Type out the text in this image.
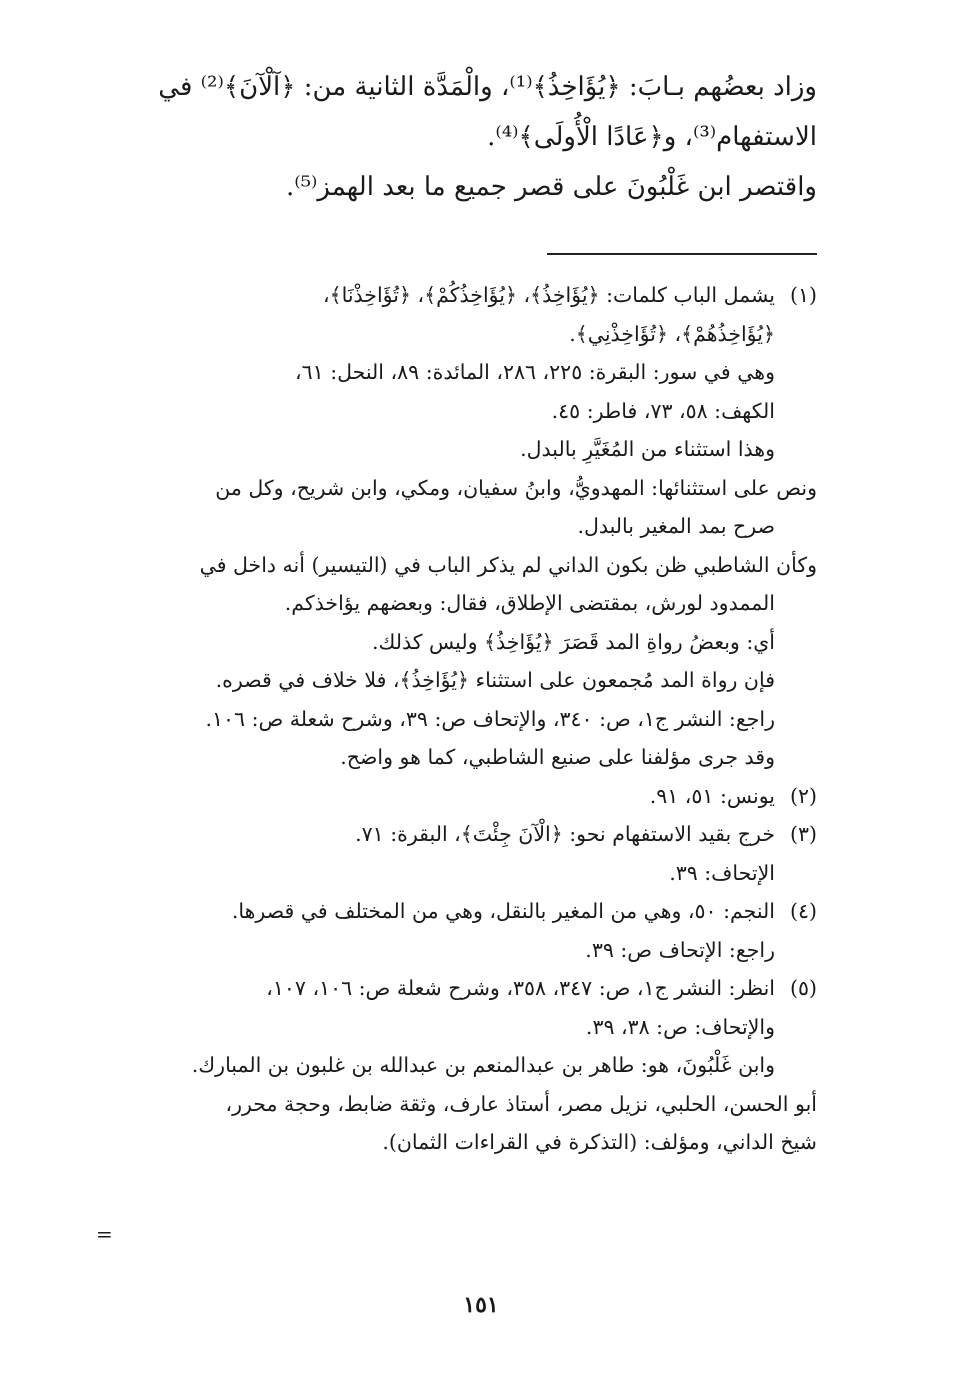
وزاد بعضُهم بـابَ: ﴿يُؤَاخِذُ﴾⁽¹⁾، والْمَدَّة الثانية من: ﴿آلْآنَ﴾⁽²⁾ في

الاستفهام⁽³⁾، و﴿عَادًا الْأُولَى﴾⁽⁴⁾.

واقتصر ابن غَلْبُونَ على قصر جميع ما بعد الهمز⁽⁵⁾.

(١)يشمل الباب كلمات: ﴿يُؤَاخِذُ﴾، ﴿يُؤَاخِذُكُمْ﴾، ﴿تُؤَاخِذْنَا﴾،
﴿يُؤَاخِذُهُمْ﴾، ﴿تُؤَاخِذْنِي﴾.
وهي في سور: البقرة: ٢٢٥، ٢٨٦، المائدة: ٨٩، النحل: ٦١،
الكهف: ٥٨، ٧٣، فاطر: ٤٥.
وهذا استثناء من المُغَيَّرِ بالبدل.
ونص على استثنائها: المهدويُّ، وابنُ سفيان، ومكي، وابن شريح، وكل من
صرح بمد المغير بالبدل.
وكأن الشاطبي ظن بكون الداني لم يذكر الباب في (التيسير) أنه داخل في
الممدود لورش، بمقتضى الإطلاق، فقال: وبعضهم يؤاخذكم.
أي: وبعضُ رواةِ المد قَصَرَ ﴿يُؤَاخِذُ﴾ وليس كذلك.
فإن رواة المد مُجمعون على استثناء ﴿يُؤَاخِذُ﴾، فلا خلاف في قصره.
راجع: النشر ج١، ص: ٣٤٠، والإتحاف ص: ٣٩، وشرح شعلة ص: ١٠٦.
وقد جرى مؤلفنا على صنيع الشاطبي، كما هو واضح.
(٢)يونس: ٥١، ٩١.
(٣)خرج بقيد الاستفهام نحو: ﴿الْآنَ جِئْتَ﴾، البقرة: ٧١.
الإتحاف: ٣٩.
(٤)النجم: ٥٠، وهي من المغير بالنقل، وهي من المختلف في قصرها.
راجع: الإتحاف ص: ٣٩.
(٥)انظر: النشر ج١، ص: ٣٤٧، ٣٥٨، وشرح شعلة ص: ١٠٦، ١٠٧،
والإتحاف: ص: ٣٨، ٣٩.
وابن غَلْبُونَ، هو: طاهر بن عبدالمنعم بن عبدالله بن غلبون بن المبارك.
أبو الحسن، الحلبي، نزيل مصر، أستاذ عارف، وثقة ضابط، وحجة محرر،
شيخ الداني، ومؤلف: (التذكرة في القراءات الثمان).
=
١٥١
